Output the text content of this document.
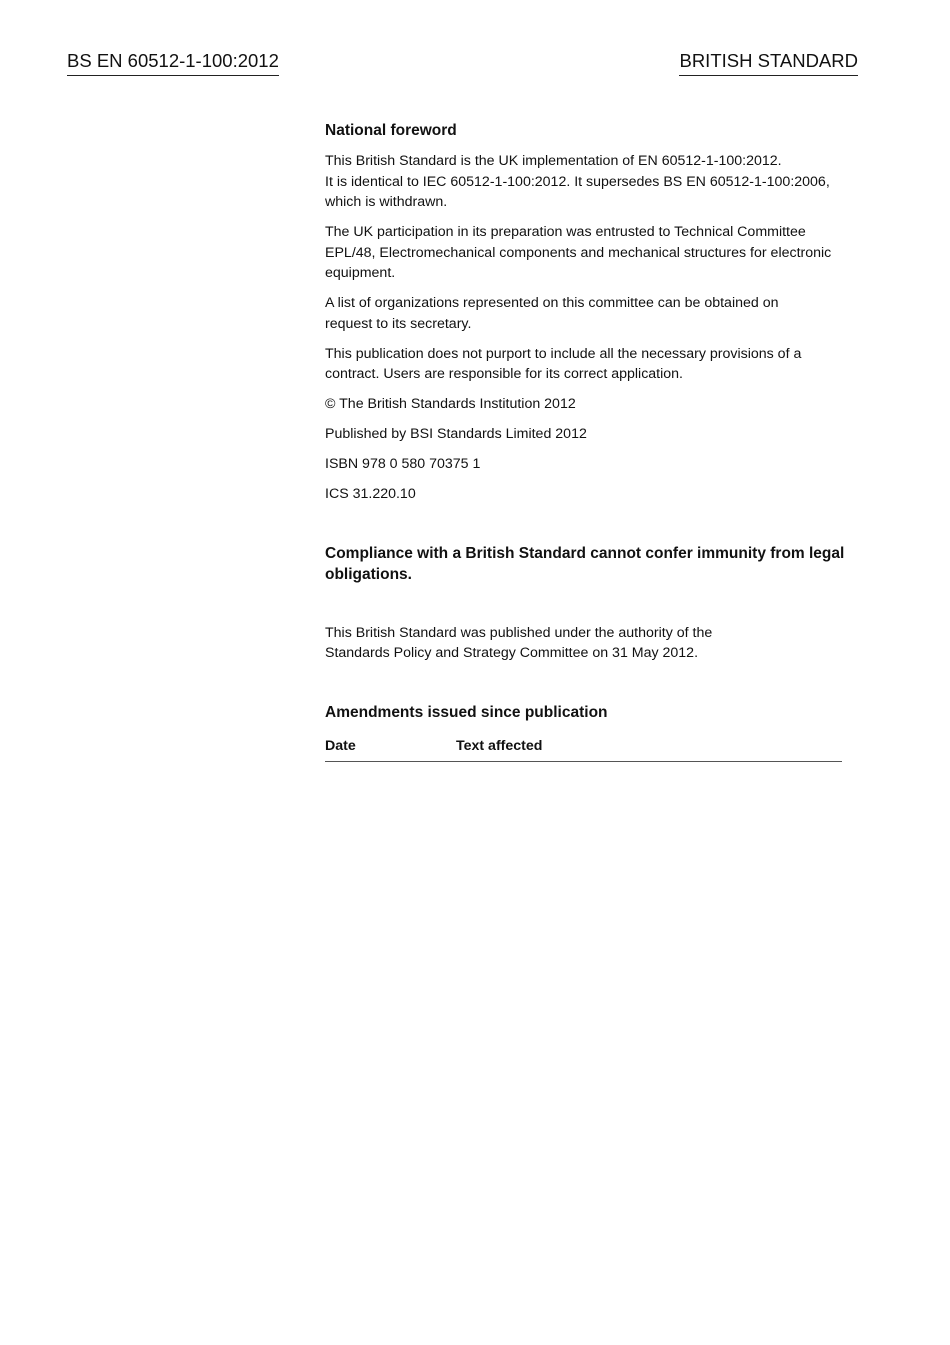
BS EN 60512-1-100:2012	BRITISH STANDARD
National foreword
This British Standard is the UK implementation of EN 60512-1-100:2012.
It is identical to IEC 60512-1-100:2012. It supersedes BS EN 60512-1-100:2006,
which is withdrawn.
The UK participation in its preparation was entrusted to Technical Committee
EPL/48, Electromechanical components and mechanical structures for electronic
equipment.
A list of organizations represented on this committee can be obtained on
request to its secretary.
This publication does not purport to include all the necessary provisions of a
contract. Users are responsible for its correct application.
© The British Standards Institution 2012
Published by BSI Standards Limited 2012
ISBN 978 0 580 70375 1
ICS 31.220.10
Compliance with a British Standard cannot confer immunity from legal
obligations.
This British Standard was published under the authority of the
Standards Policy and Strategy Committee on 31 May 2012.
Amendments issued since publication
Date	Text affected
